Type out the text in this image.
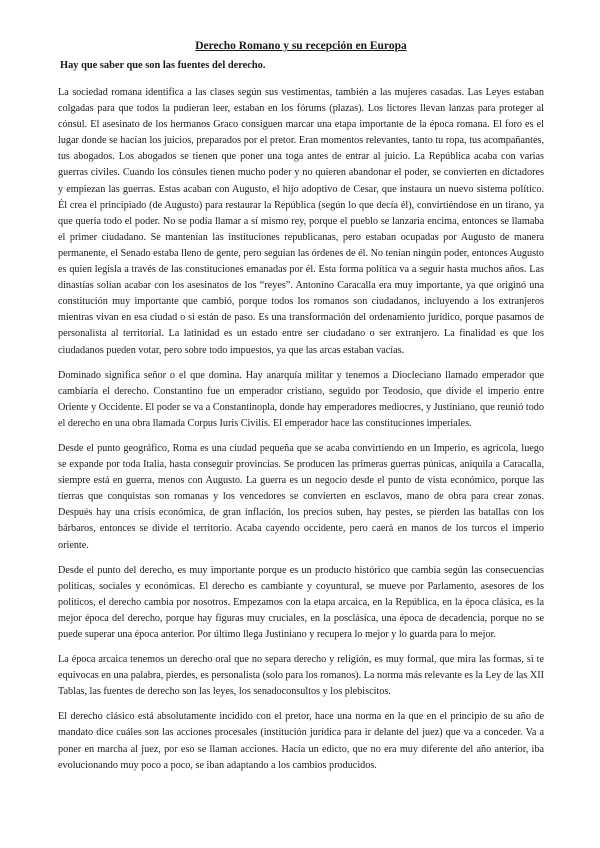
Derecho Romano y su recepción en Europa
Hay que saber que son las fuentes del derecho.

La sociedad romana identifica a las clases según sus vestimentas, también a las mujeres casadas. Las Leyes estaban colgadas para que todos la pudieran leer, estaban en los fórums (plazas). Los lictores llevan lanzas para proteger al cónsul. El asesinato de los hermanos Graco consiguen marcar una etapa importante de la época romana. El foro es el lugar donde se hacían los juicios, preparados por el pretor. Eran momentos relevantes, tanto tu ropa, tus acompañantes, tus abogados. Los abogados se tienen que poner una toga antes de entrar al juicio. La República acaba con varias guerras civiles. Cuando los cónsules tienen mucho poder y no quieren abandonar el poder, se convierten en dictadores y empiezan las guerras. Estas acaban con Augusto, el hijo adoptivo de Cesar, que instaura un nuevo sistema político. Él crea el principiado (de Augusto) para restaurar la República (según lo que decía él), convirtiéndose en un tirano, ya que quería todo el poder. No se podía llamar a sí mismo rey, porque el pueblo se lanzaría encima, entonces se llamaba el primer ciudadano. Se mantenían las instituciones republicanas, pero estaban ocupadas por Augusto de manera permanente, el Senado estaba lleno de gente, pero seguían las órdenes de él. No tenían ningún poder, entonces Augusto es quien legisla a través de las constituciones emanadas por él. Esta forma política va a seguir hasta muchos años. Las dinastías solían acabar con los asesinatos de los “reyes”. Antonino Caracalla era muy importante, ya que originó una constitución muy importante que cambió, porque todos los romanos son ciudadanos, incluyendo a los extranjeros mientras vivan en esa ciudad o si están de paso. Es una transformación del ordenamiento jurídico, porque pasamos de personalista al territorial. La latinidad es un estado entre ser ciudadano o ser extranjero. La finalidad es que los ciudadanos pueden votar, pero sobre todo impuestos, ya que las arcas estaban vacías.

Dominado significa señor o el que domina. Hay anarquía militar y tenemos a Diocleciano llamado emperador que cambiaría el derecho. Constantino fue un emperador cristiano, seguido por Teodosio, que divide el imperio entre Oriente y Occidente. El poder se va a Constantinopla, donde hay emperadores mediocres, y Justiniano, que reunió todo el derecho en una obra llamada Corpus Iuris Civilis. El emperador hace las constituciones imperiales.

Desde el punto geográfico, Roma es una ciudad pequeña que se acaba convirtiendo en un Imperio, es agrícola, luego se expande por toda Italia, hasta conseguir provincias. Se producen las primeras guerras púnicas, aniquila a Caracalla, siempre está en guerra, menos con Augusto. La guerra es un negocio desde el punto de vista económico, porque las tierras que conquistas son romanas y los vencedores se convierten en esclavos, mano de obra para crear zonas. Después hay una crisis económica, de gran inflación, los precios suben, hay pestes, se pierden las batallas con los bárbaros, entonces se divide el territorio. Acaba cayendo occidente, pero caerá en manos de los turcos el imperio oriente.

Desde el punto del derecho, es muy importante porque es un producto histórico que cambia según las consecuencias políticas, sociales y económicas. El derecho es cambiante y coyuntural, se mueve por Parlamento, asesores de los políticos, el derecho cambia por nosotros. Empezamos con la etapa arcaica, en la República, en la época clásica, es la mejor época del derecho, porque hay figuras muy cruciales, en la posclásica, una época de decadencia, porque no se puede superar una época anterior. Por último llega Justiniano y recupera lo mejor y lo guarda para lo mejor.

La época arcaica tenemos un derecho oral que no separa derecho y religión, es muy formal, que mira las formas, si te equivocas en una palabra, pierdes, es personalista (solo para los romanos). La norma más relevante es la Ley de las XII Tablas, las fuentes de derecho son las leyes, los senadoconsultos y los plebiscitos.

El derecho clásico está absolutamente incidido con el pretor, hace una norma en la que en el principio de su año de mandato dice cuáles son las acciones procesales (institución jurídica para ir delante del juez) que va a conceder. Va a poner en marcha al juez, por eso se llaman acciones. Hacía un edicto, que no era muy diferente del año anterior, iba evolucionando muy poco a poco, se iban adaptando a los cambios producidos.
